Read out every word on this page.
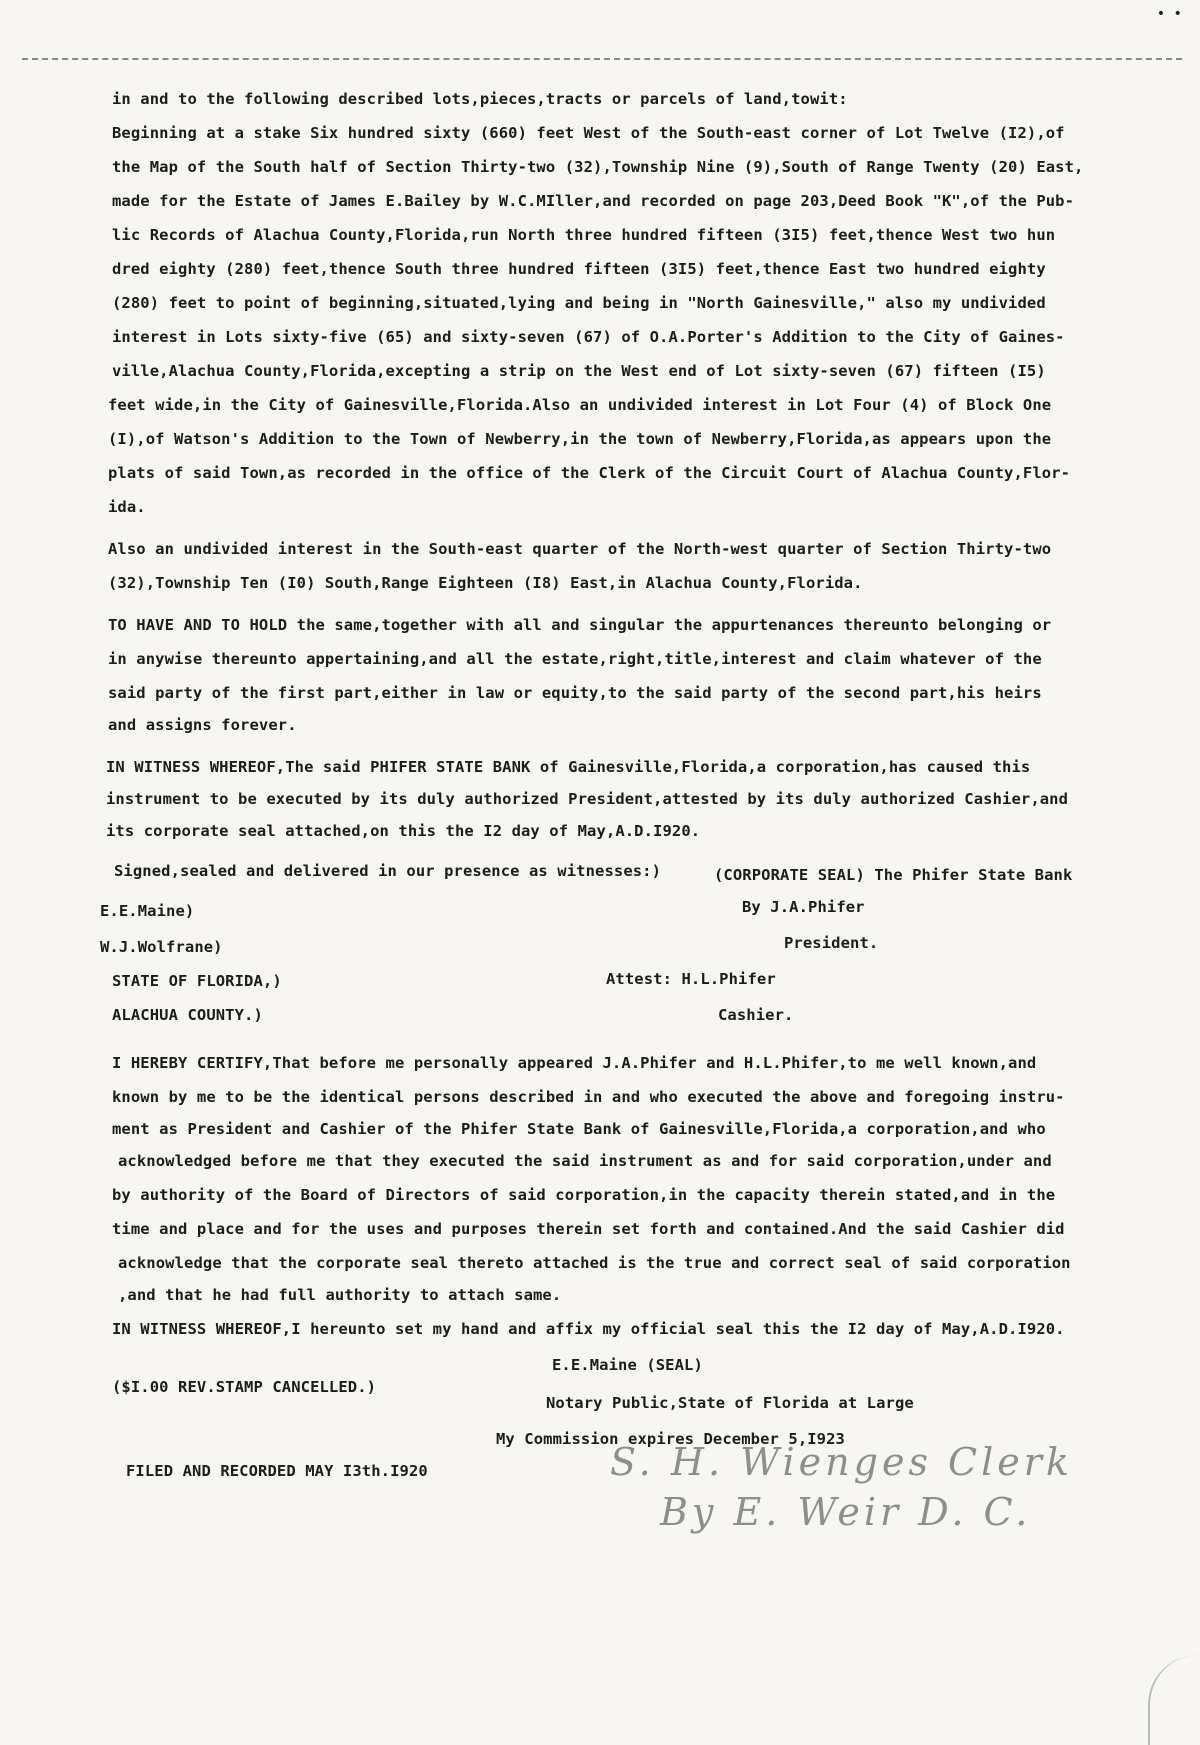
• •
in and to the following described lots,pieces,tracts or parcels of land,towit:
Beginning at a stake Six hundred sixty (660) feet West of the South-east corner of Lot Twelve (I2),of
the Map of the South half of Section Thirty-two (32),Township Nine (9),South of Range Twenty (20) East,
made for the Estate of James E.Bailey by W.C.MIller,and recorded on page 203,Deed Book "K",of the Pub-
lic Records of Alachua County,Florida,run North three hundred fifteen (3I5) feet,thence West two hun
dred eighty (280) feet,thence South three hundred fifteen (3I5) feet,thence East two hundred eighty
(280) feet to point of beginning,situated,lying and being in "North Gainesville," also my undivided
interest in Lots sixty-five (65) and sixty-seven (67) of O.A.Porter's Addition to the City of Gaines-
ville,Alachua County,Florida,excepting a strip on the West end of Lot sixty-seven (67) fifteen (I5)
feet wide,in the City of Gainesville,Florida.Also an undivided interest in Lot Four (4) of Block One
(I),of Watson's Addition to the Town of Newberry,in the town of Newberry,Florida,as appears upon the
plats of said Town,as recorded in the office of the Clerk of the Circuit Court of Alachua County,Flor-
ida.
Also an undivided interest in the South-east quarter of the North-west quarter of Section Thirty-two
(32),Township Ten (I0) South,Range Eighteen (I8) East,in Alachua County,Florida.
TO HAVE AND TO HOLD the same,together with all and singular the appurtenances thereunto belonging or
in anywise thereunto appertaining,and all the estate,right,title,interest and claim whatever of the
said party of the first part,either in law or equity,to the said party of the second part,his heirs
and assigns forever.
IN WITNESS WHEREOF,The said PHIFER STATE BANK of Gainesville,Florida,a corporation,has caused this
instrument to be executed by its duly authorized President,attested by its duly authorized Cashier,and
its corporate seal attached,on this the I2 day of May,A.D.I920.
Signed,sealed and delivered in our presence as witnesses:)	(CORPORATE SEAL) The Phifer State Bank
E.E.Maine)	By J.A.Phifer
W.J.Wolfrane)	President.
STATE OF FLORIDA,)	Attest: H.L.Phifer
ALACHUA COUNTY.)	Cashier.
I HEREBY CERTIFY,That before me personally appeared J.A.Phifer and H.L.Phifer,to me well known,and
known by me to be the identical persons described in and who executed the above and foregoing instru-
ment as President and Cashier of the Phifer State Bank of Gainesville,Florida,a corporation,and who
acknowledged before me that they executed the said instrument as and for said corporation,under and
by authority of the Board of Directors of said corporation,in the capacity therein stated,and in the
time and place and for the uses and purposes therein set forth and contained.And the said Cashier did
acknowledge that the corporate seal thereto attached is the true and correct seal of said corporation
,and that he had full authority to attach same.
IN WITNESS WHEREOF,I hereunto set my hand and affix my official seal this the I2 day of May,A.D.I920.
E.E.Maine (SEAL)
($I.00 REV.STAMP CANCELLED.)
Notary Public,State of Florida at Large
My Commission expires December 5,I923
FILED AND RECORDED MAY I3th.I920	S. H. Wienges Clerk
By E. Weir D. C.
